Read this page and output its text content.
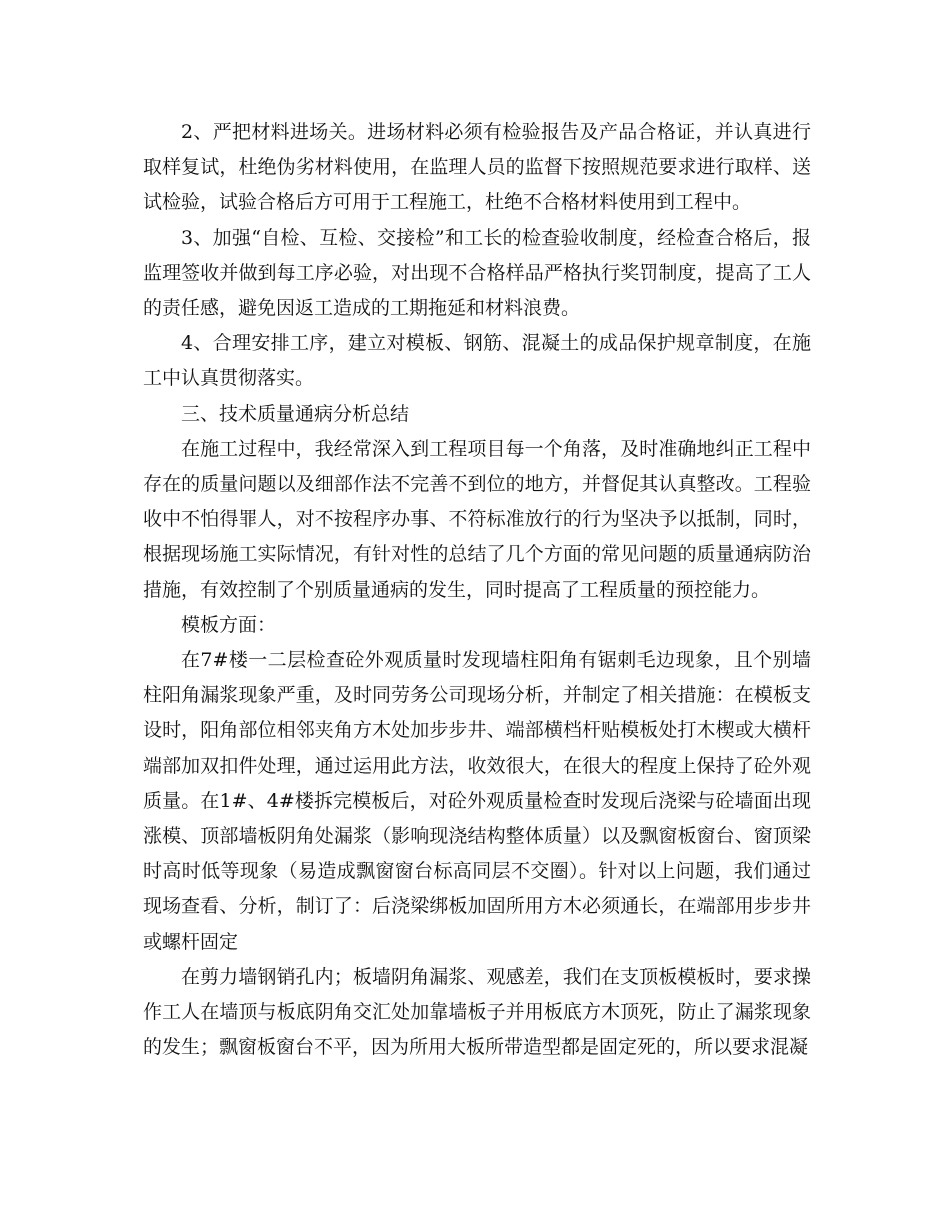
2、严把材料进场关。进场材料必须有检验报告及产品合格证，并认真进行取样复试，杜绝伪劣材料使用，在监理人员的监督下按照规范要求进行取样、送试检验，试验合格后方可用于工程施工，杜绝不合格材料使用到工程中。

3、加强“自检、互检、交接检”和工长的检查验收制度，经检查合格后，报监理签收并做到每工序必验，对出现不合格样品严格执行奖罚制度，提高了工人的责任感，避免因返工造成的工期拖延和材料浪费。

4、合理安排工序，建立对模板、钢筋、混凝土的成品保护规章制度，在施工中认真贯彻落实。

三、技术质量通病分析总结

在施工过程中，我经常深入到工程项目每一个角落，及时准确地纠正工程中存在的质量问题以及细部作法不完善不到位的地方，并督促其认真整改。工程验收中不怕得罪人，对不按程序办事、不符标准放行的行为坚决予以抵制，同时，根据现场施工实际情况，有针对性的总结了几个方面的常见问题的质量通病防治措施，有效控制了个别质量通病的发生，同时提高了工程质量的预控能力。

模板方面：

在7#楼一二层检查砼外观质量时发现墙柱阳角有锯刺毛边现象，且个别墙柱阳角漏浆现象严重，及时同劳务公司现场分析，并制定了相关措施：在模板支设时，阳角部位相邻夹角方木处加步步井、端部横档杆贴模板处打木楔或大横杆端部加双扣件处理，通过运用此方法，收效很大，在很大的程度上保持了砼外观质量。在1#、4#楼拆完模板后，对砼外观质量检查时发现后浇梁与砼墙面出现涨模、顶部墙板阴角处漏浆（影响现浇结构整体质量）以及飘窗板窗台、窗顶梁时高时低等现象（易造成飘窗窗台标高同层不交圈）。针对以上问题，我们通过现场查看、分析，制订了：后浇梁绑板加固所用方木必须通长，在端部用步步井或螺杆固定

在剪力墙钢销孔内；板墙阴角漏浆、观感差，我们在支顶板模板时，要求操作工人在墙顶与板底阴角交汇处加靠墙板子并用板底方木顶死，防止了漏浆现象的发生；飘窗板窗台不平，因为所用大板所带造型都是固定死的，所以要求混凝
